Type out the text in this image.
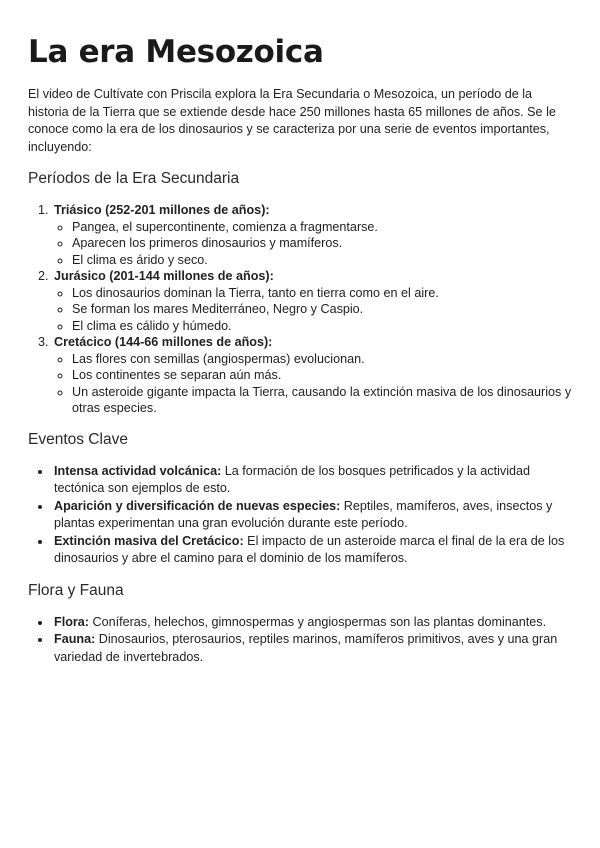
La era Mesozoica

El video de Cultívate con Priscila explora la Era Secundaria o Mesozoica, un período de la historia de la Tierra que se extiende desde hace 250 millones hasta 65 millones de años. Se le conoce como la era de los dinosaurios y se caracteriza por una serie de eventos importantes, incluyendo:

Períodos de la Era Secundaria
1. Triásico (252-201 millones de años):
◦ Pangea, el supercontinente, comienza a fragmentarse.
◦ Aparecen los primeros dinosaurios y mamíferos.
◦ El clima es árido y seco.
2. Jurásico (201-144 millones de años):
◦ Los dinosaurios dominan la Tierra, tanto en tierra como en el aire.
◦ Se forman los mares Mediterráneo, Negro y Caspio.
◦ El clima es cálido y húmedo.
3. Cretácico (144-66 millones de años):
◦ Las flores con semillas (angiospermas) evolucionan.
◦ Los continentes se separan aún más.
◦ Un asteroide gigante impacta la Tierra, causando la extinción masiva de los dinosaurios y otras especies.
Eventos Clave
• Intensa actividad volcánica: La formación de los bosques petrificados y la actividad tectónica son ejemplos de esto.
• Aparición y diversificación de nuevas especies: Reptiles, mamíferos, aves, insectos y plantas experimentan una gran evolución durante este período.
• Extinción masiva del Cretácico: El impacto de un asteroide marca el final de la era de los dinosaurios y abre el camino para el dominio de los mamíferos.
Flora y Fauna
• Flora: Coníferas, helechos, gimnospermas y angiospermas son las plantas dominantes.
• Fauna: Dinosaurios, pterosaurios, reptiles marinos, mamíferos primitivos, aves y una gran variedad de invertebrados.
